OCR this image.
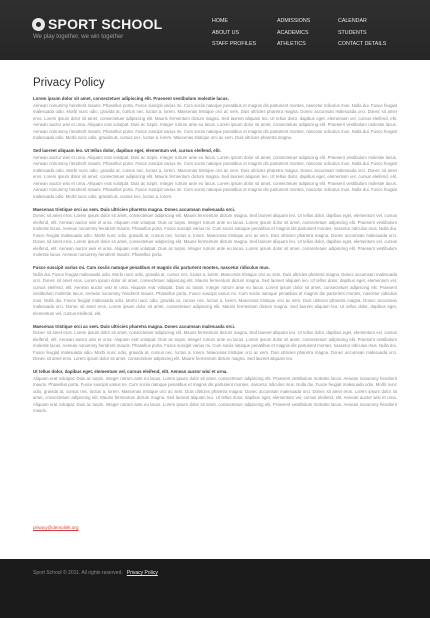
SPORT SCHOOL
We play together, we win together
HOME
ABOUT US
STAFF PROFILES
ADMISSIONS
ACADEMICS
ATHLETICS
CALENDAR
STUDENTS
CONTACT DETAILS
Privacy Policy
Lorem ipsum dolor sit amet, consectetuer adipiscing elit. Praesent vestibulum molestie lacus.
Aenean nonummy hendrerit mauris. Phasellus porta. Fusce suscipit varius mi. Cum sociis natoque penatibus et magnis dis parturient montes, nascetur ridiculus mus. Nulla dui. Fusce feugiat malesuada odio. Morbi nunc odio, gravida at, cursus nec, luctus a, lorem. Maecenas tristique orci ac sem. Duis ultricies pharetra magna. Donec accumsan malesuada orci. Donec sit amet eros. Lorem ipsum dolor sit amet, consectetuer adipiscing elit. Mauris fermentum dictum magna. Sed laoreet aliquam leo. Ut tellus dolor, dapibus eget, elementum vel, cursus eleifend, elit. Aenean auctor wisi et urna. Aliquam erat volutpat. Duis ac turpis. Integer rutrum ante eu lacus. Lorem ipsum dolor sit amet, consectetuer adipiscing elit. Praesent vestibulum molestie lacus. Aenean nonummy hendrerit mauris. Phasellus porta. Fusce suscipit varius mi. Cum sociis natoque penatibus et magnis dis parturient montes, nascetur ridiculus mus. Nulla dui. Fusce feugiat malesuada odio. Morbi nunc odio, gravida at, cursus nec, luctus a, lorem. Maecenas tristique orci ac sem. Duis ultricies pharetra magna.
Sed laoreet aliquam leo. Ut tellus dolor, dapibus eget, elementum vel, cursus eleifend, elit.
Aenean auctor wisi et urna. Aliquam erat volutpat. Duis ac turpis. Integer rutrum ante eu lacus. Lorem ipsum dolor sit amet, consectetuer adipiscing elit. Praesent vestibulum molestie lacus. Aenean nonummy hendrerit mauris. Phasellus porta. Fusce suscipit varius mi. Cum sociis natoque penatibus et magnis dis parturient montes, nascetur ridiculus mus. Nulla dui. Fusce feugiat malesuada odio. Morbi nunc odio, gravida at, cursus nec, luctus a, lorem. Maecenas tristique orci ac sem. Duis ultricies pharetra magna. Donec accumsan malesuada orci. Donec sit amet eros. Lorem ipsum dolor sit amet, consectetuer adipiscing elit. Mauris fermentum dictum magna. Sed laoreet aliquam leo. Ut tellus dolor, dapibus eget, elementum vel, cursus eleifend, elit. Aenean auctor wisi et urna. Aliquam erat volutpat. Duis ac turpis. Integer rutrum ante eu lacus. Lorem ipsum dolor sit amet, consectetuer adipiscing elit. Praesent vestibulum molestie lacus. Aenean nonummy hendrerit mauris. Phasellus porta. Fusce suscipit varius mi. Cum sociis natoque penatibus et magnis dis parturient montes, nascetur ridiculus mus. Nulla dui. Fusce feugiat malesuada odio. Morbi nunc odio, gravida at, cursus nec, luctus a, lorem.
Maecenas tristique orci ac sem. Duis ultricies pharetra magna. Donec accumsan malesuada orci.
Donec sit amet eros. Lorem ipsum dolor sit amet, consectetuer adipiscing elit. Mauris fermentum dictum magna. Sed laoreet aliquam leo. Ut tellus dolor, dapibus eget, elementum vel, cursus eleifend, elit. Aenean auctor wisi et urna. Aliquam erat volutpat. Duis ac turpis. Integer rutrum ante eu lacus. Lorem ipsum dolor sit amet, consectetuer adipiscing elit. Praesent vestibulum molestie lacus. Aenean nonummy hendrerit mauris. Phasellus porta. Fusce suscipit varius mi. Cum sociis natoque penatibus et magnis dis parturient montes, nascetur ridiculus mus. Nulla dui. Fusce feugiat malesuada odio. Morbi nunc odio, gravida at, cursus nec, luctus a, lorem. Maecenas tristique orci ac sem. Duis ultricies pharetra magna. Donec accumsan malesuada orci. Donec sit amet eros. Lorem ipsum dolor sit amet, consectetuer adipiscing elit. Mauris fermentum dictum magna. Sed laoreet aliquam leo. Ut tellus dolor, dapibus eget, elementum vel, cursus eleifend, elit. Aenean auctor wisi et urna. Aliquam erat volutpat. Duis ac turpis. Integer rutrum ante eu lacus. Lorem ipsum dolor sit amet, consectetuer adipiscing elit. Praesent vestibulum molestie lacus. Aenean nonummy hendrerit mauris. Phasellus porta.
Fusce suscipit varius mi. Cum sociis natoque penatibus et magnis dis parturient montes, nascetur ridiculus mus.
Nulla dui. Fusce feugiat malesuada odio. Morbi nunc odio, gravida at, cursus nec, luctus a, lorem. Maecenas tristique orci ac sem. Duis ultricies pharetra magna. Donec accumsan malesuada orci. Donec sit amet eros. Lorem ipsum dolor sit amet, consectetuer adipiscing elit. Mauris fermentum dictum magna. Sed laoreet aliquam leo. Ut tellus dolor, dapibus eget, elementum vel, cursus eleifend, elit. Aenean auctor wisi et urna. Aliquam erat volutpat. Duis ac turpis. Integer rutrum ante eu lacus. Lorem ipsum dolor sit amet, consectetuer adipiscing elit. Praesent vestibulum molestie lacus. Aenean nonummy hendrerit mauris. Phasellus porta. Fusce suscipit varius mi. Cum sociis natoque penatibus et magnis dis parturient montes, nascetur ridiculus mus. Nulla dui. Fusce feugiat malesuada odio. Morbi nunc odio, gravida at, cursus nec, luctus a, lorem. Maecenas tristique orci ac sem. Duis ultricies pharetra magna. Donec accumsan malesuada orci. Donec sit amet eros. Lorem ipsum dolor sit amet, consectetuer adipiscing elit. Mauris fermentum dictum magna. Sed laoreet aliquam leo. Ut tellus dolor, dapibus eget, elementum vel, cursus eleifend, elit.
Maecenas tristique orci ac sem. Duis ultricies pharetra magna. Donec accumsan malesuada orci.
Donec sit amet eros. Lorem ipsum dolor sit amet, consectetuer adipiscing elit. Mauris fermentum dictum magna. Sed laoreet aliquam leo. Ut tellus dolor, dapibus eget, elementum vel, cursus eleifend, elit. Aenean auctor wisi et urna. Aliquam erat volutpat. Duis ac turpis. Integer rutrum ante eu lacus. Lorem ipsum dolor sit amet, consectetuer adipiscing elit. Praesent vestibulum molestie lacus. Aenean nonummy hendrerit mauris. Phasellus porta. Fusce suscipit varius mi. Cum sociis natoque penatibus et magnis dis parturient montes, nascetur ridiculus mus. Nulla dui. Fusce feugiat malesuada odio. Morbi nunc odio, gravida at, cursus nec, luctus a, lorem. Maecenas tristique orci ac sem. Duis ultricies pharetra magna. Donec accumsan malesuada orci. Donec sit amet eros. Lorem ipsum dolor sit amet, consectetuer adipiscing elit. Mauris fermentum dictum magna. Sed laoreet aliquam leo.
Ut tellus dolor, dapibus eget, elementum vel, cursus eleifend, elit. Aenean auctor wisi et urna.
Aliquam erat volutpat. Duis ac turpis. Integer rutrum ante eu lacus. Lorem ipsum dolor sit amet, consectetuer adipiscing elit. Praesent vestibulum molestie lacus. Aenean nonummy hendrerit mauris. Phasellus porta. Fusce suscipit varius mi. Cum sociis natoque penatibus et magnis dis parturient montes, nascetur ridiculus mus. Nulla dui. Fusce feugiat malesuada odio. Morbi nunc odio, gravida at, cursus nec, luctus a, lorem. Maecenas tristique orci ac sem. Duis ultricies pharetra magna. Donec accumsan malesuada orci. Donec sit amet eros. Lorem ipsum dolor sit amet, consectetuer adipiscing elit. Mauris fermentum dictum magna. Sed laoreet aliquam leo. Ut tellus dolor, dapibus eget, elementum vel, cursus eleifend, elit. Aenean auctor wisi et urna. Aliquam erat volutpat. Duis ac turpis. Integer rutrum ante eu lacus. Lorem ipsum dolor sit amet, consectetuer adipiscing elit. Praesent vestibulum molestie lacus. Aenean nonummy hendrerit mauris.
privacy@demolink.org
Sport School © 2011. All rights reserved. Privacy Policy
